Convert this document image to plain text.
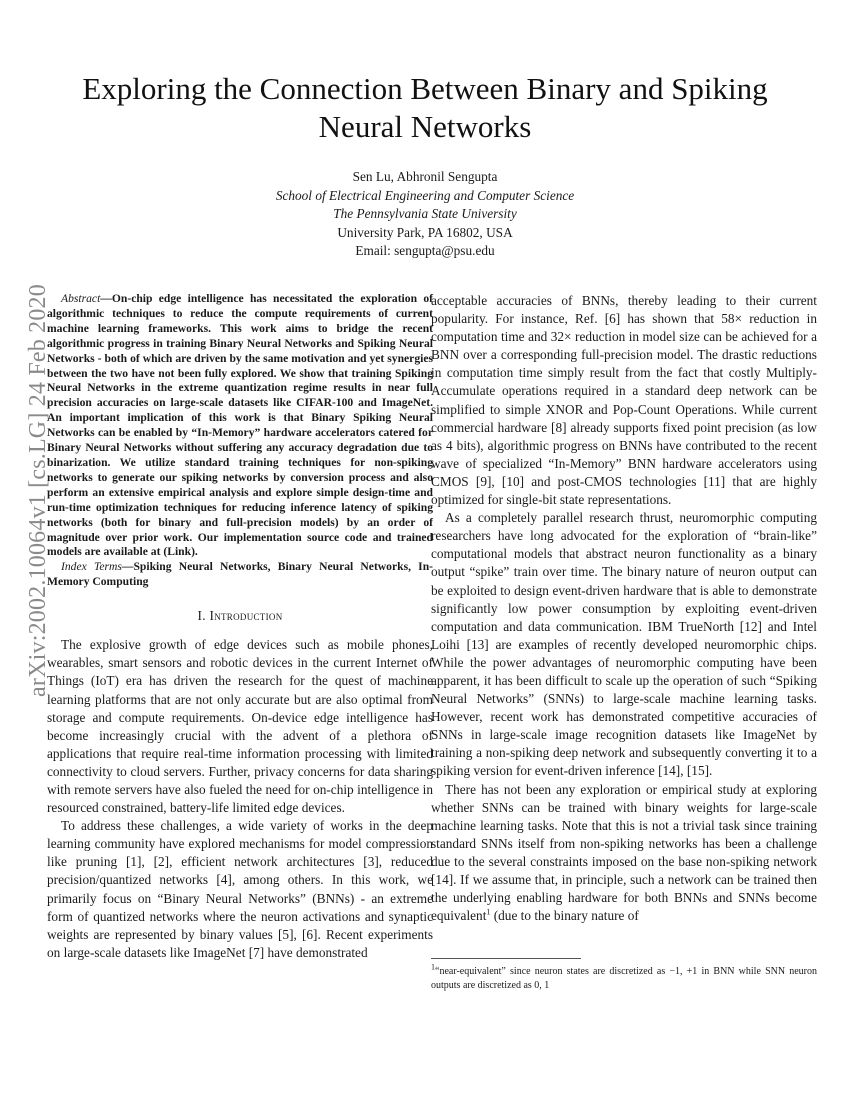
arXiv:2002.10064v1 [cs.LG] 24 Feb 2020
Exploring the Connection Between Binary and Spiking Neural Networks
Sen Lu, Abhronil Sengupta
School of Electrical Engineering and Computer Science
The Pennsylvania State University
University Park, PA 16802, USA
Email: sengupta@psu.edu

Abstract—On-chip edge intelligence has necessitated the exploration of algorithmic techniques to reduce the compute requirements of current machine learning frameworks. This work aims to bridge the recent algorithmic progress in training Binary Neural Networks and Spiking Neural Networks - both of which are driven by the same motivation and yet synergies between the two have not been fully explored. We show that training Spiking Neural Networks in the extreme quantization regime results in near full precision accuracies on large-scale datasets like CIFAR-100 and ImageNet. An important implication of this work is that Binary Spiking Neural Networks can be enabled by “In-Memory” hardware accelerators catered for Binary Neural Networks without suffering any accuracy degradation due to binarization. We utilize standard training techniques for non-spiking networks to generate our spiking networks by conversion process and also perform an extensive empirical analysis and explore simple design-time and run-time optimization techniques for reducing inference latency of spiking networks (both for binary and full-precision models) by an order of magnitude over prior work. Our implementation source code and trained models are available at (Link).

Index Terms—Spiking Neural Networks, Binary Neural Networks, In-Memory Computing

I. Introduction

The explosive growth of edge devices such as mobile phones, wearables, smart sensors and robotic devices in the current Internet of Things (IoT) era has driven the research for the quest of machine learning platforms that are not only accurate but are also optimal from storage and compute requirements. On-device edge intelligence has become increasingly crucial with the advent of a plethora of applications that require real-time information processing with limited connectivity to cloud servers. Further, privacy concerns for data sharing with remote servers have also fueled the need for on-chip intelligence in resourced constrained, battery-life limited edge devices.

To address these challenges, a wide variety of works in the deep learning community have explored mechanisms for model compression like pruning [1], [2], efficient network architectures [3], reduced precision/quantized networks [4], among others. In this work, we primarily focus on “Binary Neural Networks” (BNNs) - an extreme form of quantized networks where the neuron activations and synaptic weights are represented by binary values [5], [6]. Recent experiments on large-scale datasets like ImageNet [7] have demonstrated

acceptable accuracies of BNNs, thereby leading to their current popularity. For instance, Ref. [6] has shown that 58× reduction in computation time and 32× reduction in model size can be achieved for a BNN over a corresponding full-precision model. The drastic reductions in computation time simply result from the fact that costly Multiply-Accumulate operations required in a standard deep network can be simplified to simple XNOR and Pop-Count Operations. While current commercial hardware [8] already supports fixed point precision (as low as 4 bits), algorithmic progress on BNNs have contributed to the recent wave of specialized “In-Memory” BNN hardware accelerators using CMOS [9], [10] and post-CMOS technologies [11] that are highly optimized for single-bit state representations.

As a completely parallel research thrust, neuromorphic computing researchers have long advocated for the exploration of “brain-like” computational models that abstract neuron functionality as a binary output “spike” train over time. The binary nature of neuron output can be exploited to design event-driven hardware that is able to demonstrate significantly low power consumption by exploiting event-driven computation and data communication. IBM TrueNorth [12] and Intel Loihi [13] are examples of recently developed neuromorphic chips. While the power advantages of neuromorphic computing have been apparent, it has been difficult to scale up the operation of such “Spiking Neural Networks” (SNNs) to large-scale machine learning tasks. However, recent work has demonstrated competitive accuracies of SNNs in large-scale image recognition datasets like ImageNet by training a non-spiking deep network and subsequently converting it to a spiking version for event-driven inference [14], [15].

There has not been any exploration or empirical study at exploring whether SNNs can be trained with binary weights for large-scale machine learning tasks. Note that this is not a trivial task since training standard SNNs itself from non-spiking networks has been a challenge due to the several constraints imposed on the base non-spiking network [14]. If we assume that, in principle, such a network can be trained then the underlying enabling hardware for both BNNs and SNNs become equivalent$^1$ (due to the binary nature of

$^1$“near-equivalent” since neuron states are discretized as −1, +1 in BNN while SNN neuron outputs are discretized as 0, 1
